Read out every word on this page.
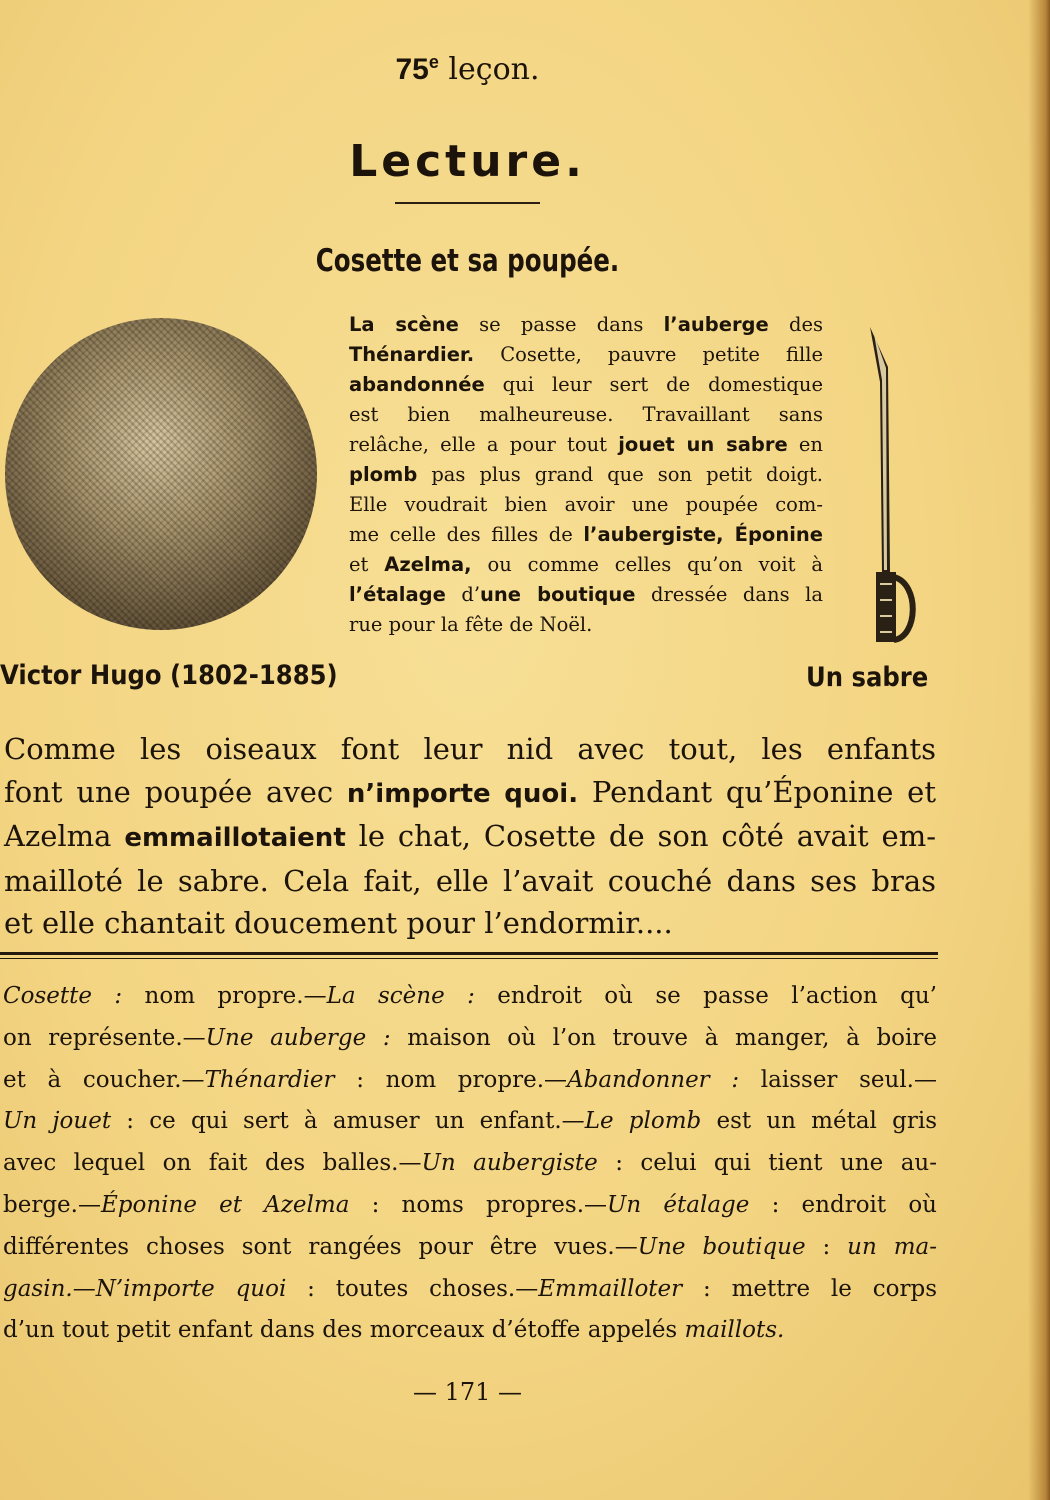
75e leçon.
Lecture.
Cosette et sa poupée.
La scène se passe dans l’auberge des
Thénardier. Cosette, pauvre petite fille
abandonnée qui leur sert de domestique
est bien malheureuse. Travaillant sans
relâche, elle a pour tout jouet un sabre en
plomb pas plus grand que son petit doigt.
Elle voudrait bien avoir une poupée com-
me celle des filles de l’aubergiste, Éponine
et Azelma, ou comme celles qu’on voit à
l’étalage d’une boutique dressée dans la
rue pour la fête de Noël.
Victor Hugo (1802-1885)	Un sabre
Comme les oiseaux font leur nid avec tout, les enfants
font une poupée avec n’importe quoi. Pendant qu’Éponine et
Azelma emmaillotaient le chat, Cosette de son côté avait em-
mailloté le sabre. Cela fait, elle l’avait couché dans ses bras
et elle chantait doucement pour l’endormir....
Cosette : nom propre.—La scène : endroit où se passe l’action qu’
on représente.—Une auberge : maison où l’on trouve à manger, à boire
et à coucher.—Thénardier : nom propre.—Abandonner : laisser seul.—
Un jouet : ce qui sert à amuser un enfant.—Le plomb est un métal gris
avec lequel on fait des balles.—Un aubergiste : celui qui tient une au-
berge.—Éponine et Azelma : noms propres.—Un étalage : endroit où
différentes choses sont rangées pour être vues.—Une boutique : un ma-
gasin.—N’importe quoi : toutes choses.—Emmailloter : mettre le corps
d’un tout petit enfant dans des morceaux d’étoffe appelés maillots.
— 171 —
